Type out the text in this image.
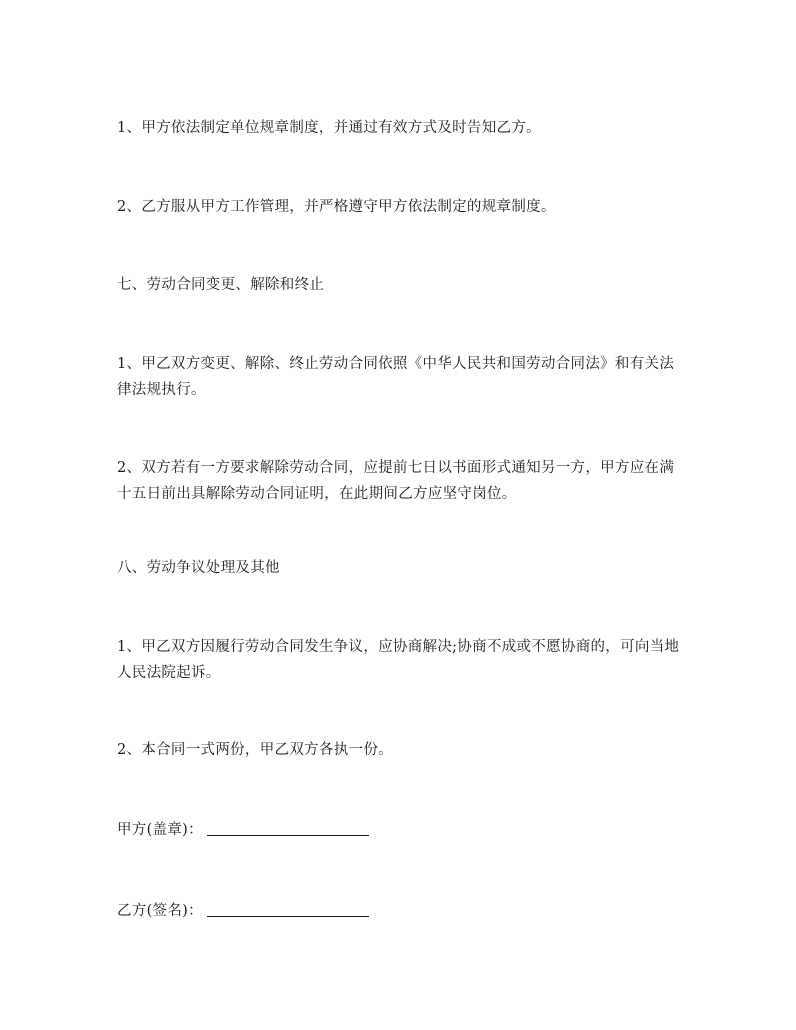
1、甲方依法制定单位规章制度，并通过有效方式及时告知乙方。

2、乙方服从甲方工作管理，并严格遵守甲方依法制定的规章制度。

七、劳动合同变更、解除和终止

1、甲乙双方变更、解除、终止劳动合同依照《中华人民共和国劳动合同法》和有关法律法规执行。

2、双方若有一方要求解除劳动合同，应提前七日以书面形式通知另一方，甲方应在满十五日前出具解除劳动合同证明，在此期间乙方应坚守岗位。

八、劳动争议处理及其他

1、甲乙双方因履行劳动合同发生争议，应协商解决;协商不成或不愿协商的，可向当地人民法院起诉。

2、本合同一式两份，甲乙双方各执一份。

甲方(盖章)：
乙方(签名)：
